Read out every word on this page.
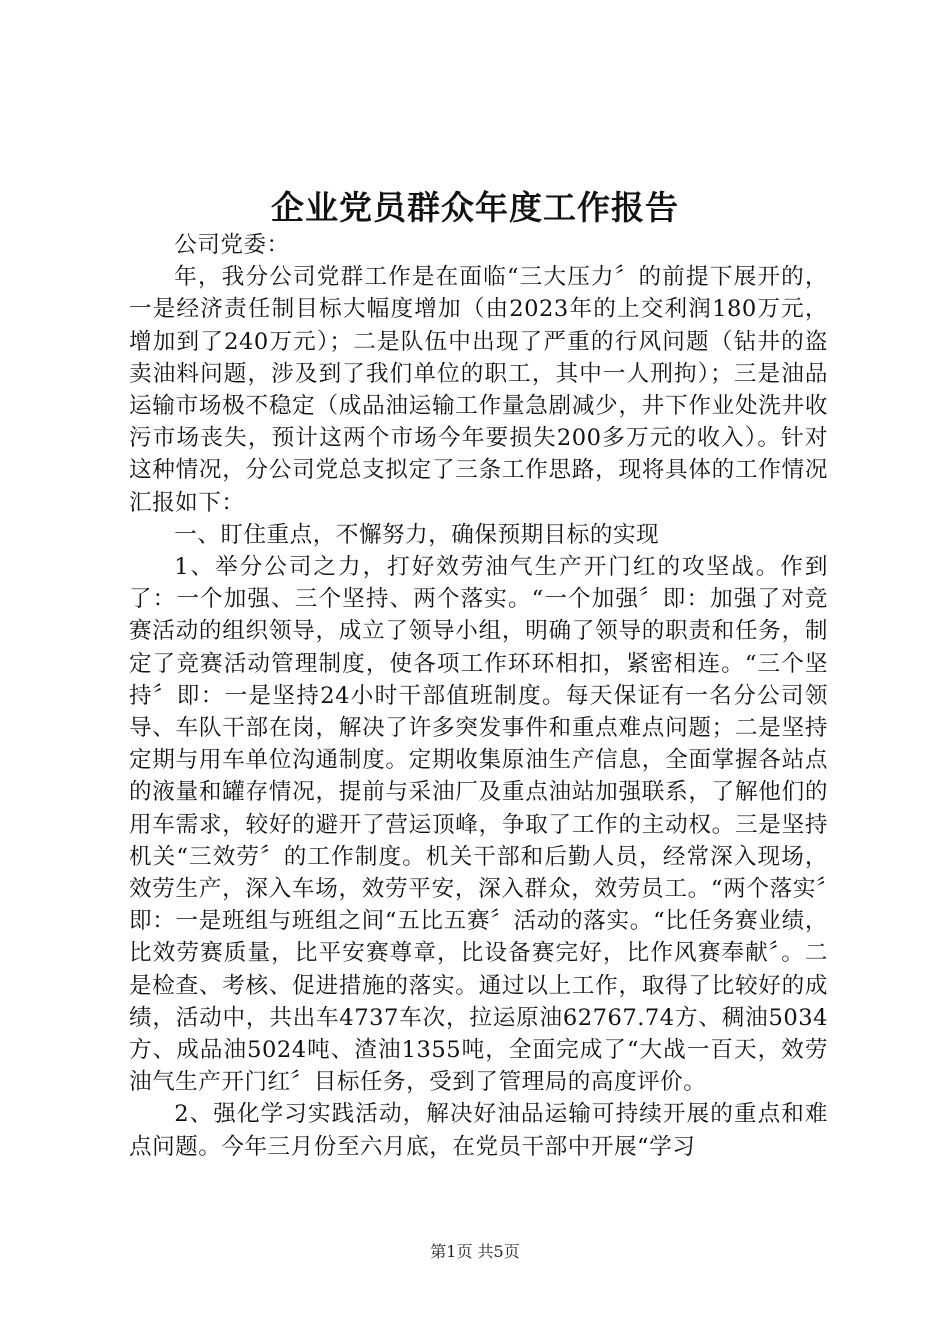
企业党员群众年度工作报告

公司党委：

年，我分公司党群工作是在面临“三大压力〞的前提下展开的，一是经济责任制目标大幅度增加（由2023年的上交利润180万元，增加到了240万元）；二是队伍中出现了严重的行风问题（钻井的盗卖油料问题，涉及到了我们单位的职工，其中一人刑拘）；三是油品运输市场极不稳定（成品油运输工作量急剧减少，井下作业处洗井收污市场丧失，预计这两个市场今年要损失200多万元的收入）。针对这种情况，分公司党总支拟定了三条工作思路，现将具体的工作情况汇报如下：

一、盯住重点，不懈努力，确保预期目标的实现

1、举分公司之力，打好效劳油气生产开门红的攻坚战。作到了：一个加强、三个坚持、两个落实。“一个加强〞即：加强了对竞赛活动的组织领导，成立了领导小组，明确了领导的职责和任务，制定了竞赛活动管理制度，使各项工作环环相扣，紧密相连。“三个坚持〞即：一是坚持24小时干部值班制度。每天保证有一名分公司领导、车队干部在岗，解决了许多突发事件和重点难点问题；二是坚持定期与用车单位沟通制度。定期收集原油生产信息，全面掌握各站点的液量和罐存情况，提前与采油厂及重点油站加强联系，了解他们的用车需求，较好的避开了营运顶峰，争取了工作的主动权。三是坚持机关“三效劳〞的工作制度。机关干部和后勤人员，经常深入现场，效劳生产，深入车场，效劳平安，深入群众，效劳员工。“两个落实〞即：一是班组与班组之间“五比五赛〞活动的落实。“比任务赛业绩，比效劳赛质量，比平安赛尊章，比设备赛完好，比作风赛奉献〞。二是检查、考核、促进措施的落实。通过以上工作，取得了比较好的成绩，活动中，共出车4737车次，拉运原油62767.74方、稠油5034方、成品油5024吨、渣油1355吨，全面完成了“大战一百天，效劳油气生产开门红〞目标任务，受到了管理局的高度评价。

2、强化学习实践活动，解决好油品运输可持续开展的重点和难点问题。今年三月份至六月底，在党员干部中开展“学习

第1页 共5页
